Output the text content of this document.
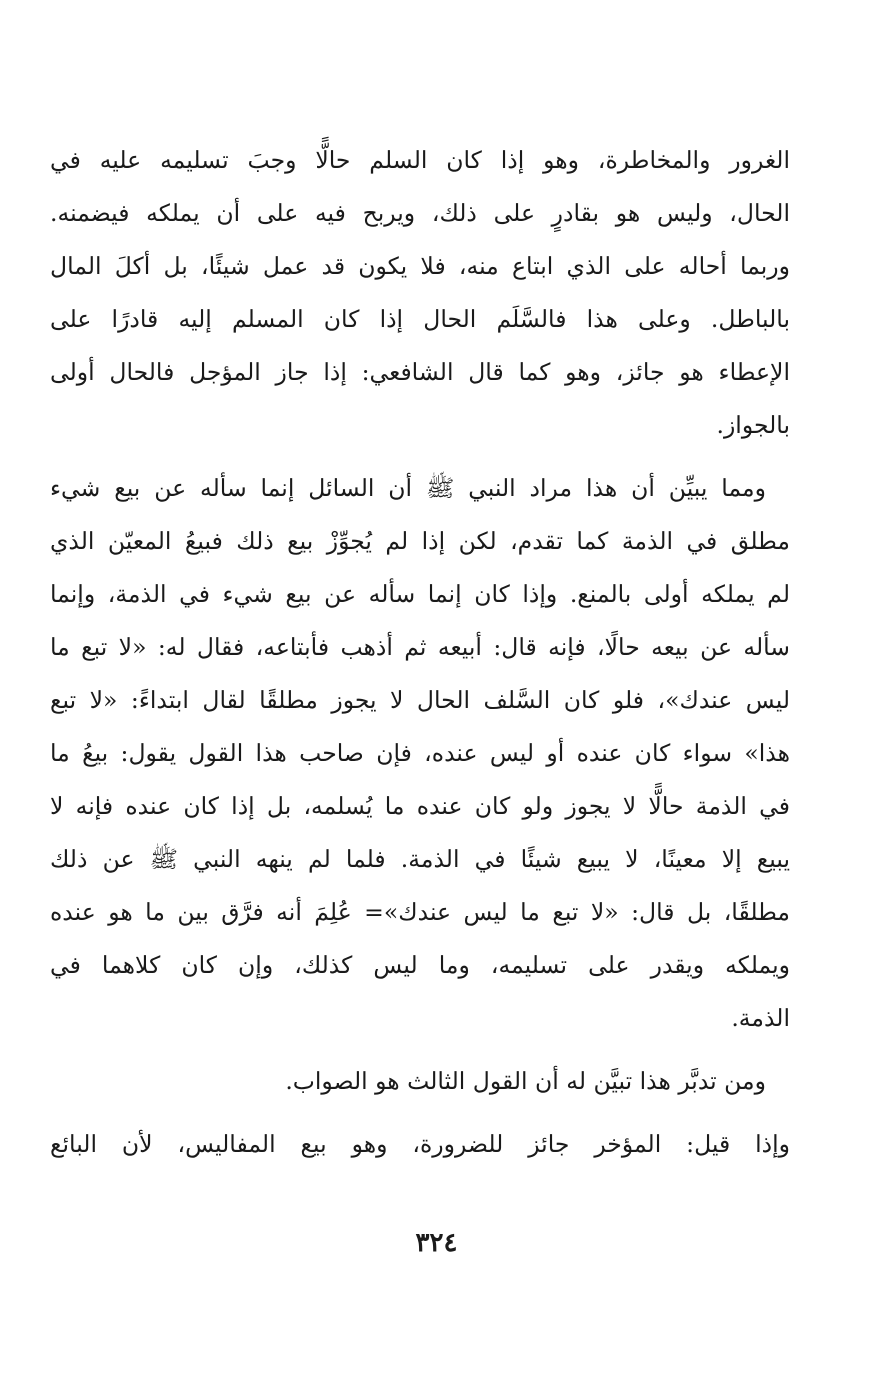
الغرور والمخاطرة، وهو إذا كان السلم حالًّا وجبَ تسليمه عليه في
الحال، وليس هو بقادرٍ على ذلك، ويربح فيه على أن يملكه فيضمنه.
وربما أحاله على الذي ابتاع منه، فلا يكون قد عمل شيئًا، بل أكلَ المال
بالباطل. وعلى هذا فالسَّلَم الحال إذا كان المسلم إليه قادرًا على
الإعطاء هو جائز، وهو كما قال الشافعي: إذا جاز المؤجل فالحال أولى
بالجواز.

ومما يبيِّن أن هذا مراد النبي ﷺ أن السائل إنما سأله عن بيع شيء
مطلق في الذمة كما تقدم، لكن إذا لم يُجوِّزْ بيع ذلك فبيعُ المعيّن الذي
لم يملكه أولى بالمنع. وإذا كان إنما سأله عن بيع شيء في الذمة، وإنما
سأله عن بيعه حالًا، فإنه قال: أبيعه ثم أذهب فأبتاعه، فقال له: «لا تبع ما
ليس عندك»، فلو كان السَّلف الحال لا يجوز مطلقًا لقال ابتداءً: «لا تبع
هذا» سواء كان عنده أو ليس عنده، فإن صاحب هذا القول يقول: بيعُ ما
في الذمة حالًّا لا يجوز ولو كان عنده ما يُسلمه، بل إذا كان عنده فإنه لا
يبيع إلا معينًا، لا يبيع شيئًا في الذمة. فلما لم ينهه النبي ﷺ عن ذلك
مطلقًا، بل قال: «لا تبع ما ليس عندك»= عُلِمَ أنه فرَّق بين ما هو عنده
ويملكه ويقدر على تسليمه، وما ليس كذلك، وإن كان كلاهما في
الذمة.

ومن تدبَّر هذا تبيَّن له أن القول الثالث هو الصواب.

وإذا قيل: المؤخر جائز للضرورة، وهو بيع المفاليس، لأن البائع

٣٢٤
